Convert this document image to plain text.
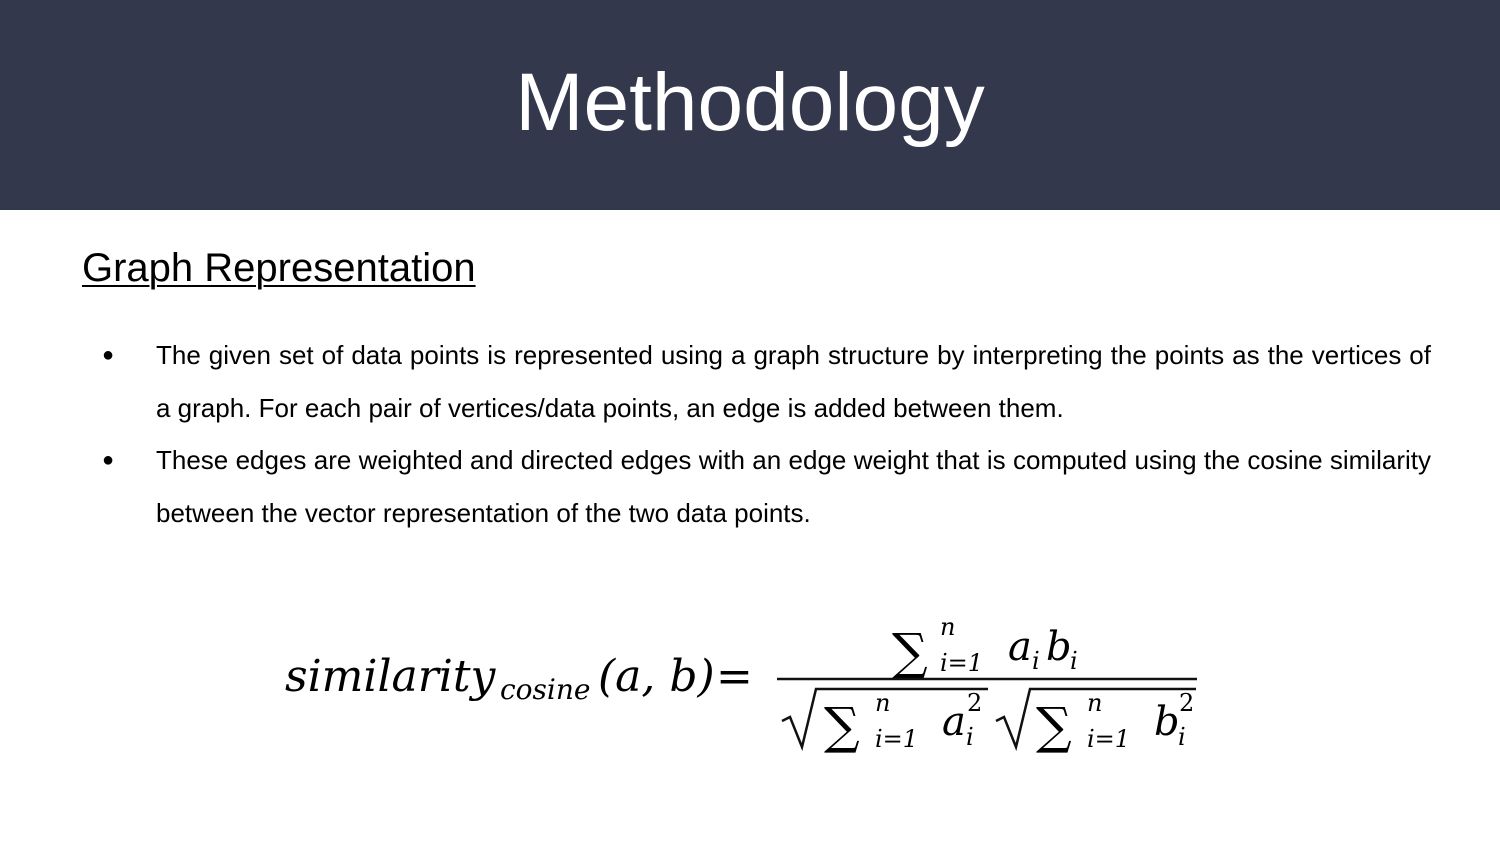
Methodology
Graph Representation
● The given set of data points is represented using a graph structure by interpreting the points as the vertices of a graph. For each pair of vertices/data points, an edge is added between them.
● These edges are weighted and directed edges with an edge weight that is computed using the cosine similarity between the vector representation of the two data points.
similarity cosine (a, b) =	∑ n
i=1 a i b
i
∑ n
i=1 a i
2 ∑ n
i=1 b
i
2
